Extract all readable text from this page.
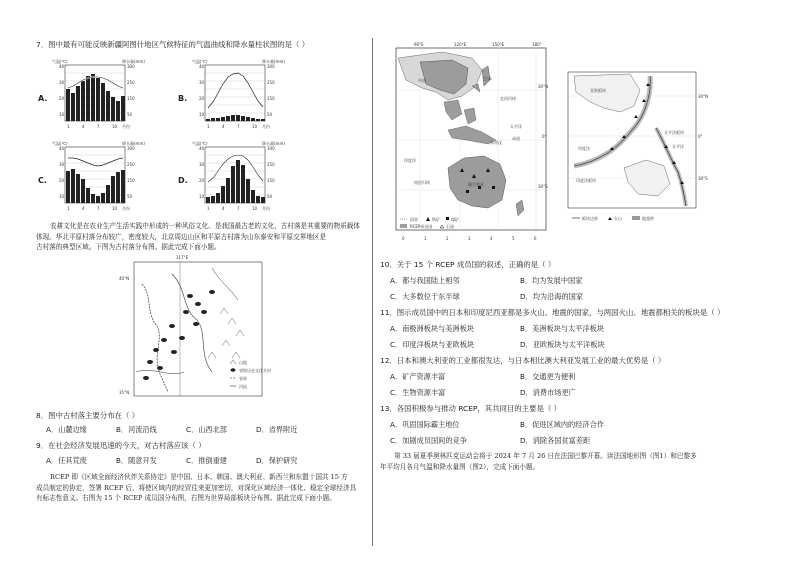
7．图中最有可能反映新疆阿图什地区气候特征的气温曲线和降水量柱状图的是（ ）
A.
气温(℃)	降水量(mm)
40
30
20
10
300
250
150
50
1	4	7	10 月份
B.
气温(℃)	降水量(mm)
40
30
20
10
300
250
150
50
1	4	7	10 月份
C.
气温(℃)	降水量(mm)
40
30
20
10
300
250
150
50
1	4	7	10 月份
D.
气温(℃)	降水量(mm)
40
30
20
10
300
250
150
50
1	4	7	10 月份
农耕文化是在农业生产生活实践中形成的一种风俗文化。是我国最古老的文化，古村落是其重要的物质载体
体现。华北平原村落分布较广，密度较大，北京周边山区和平原古村落为山东泰安和平原交界地区是
古村落的典型区域。下图为古村落分布图。据此完成下面小题。
117°E
40°N
35°N
山地
省级历史文化名村
省界
河流
8．图中古村落主要分布在（ ）
A．山麓边缘	B．河流沿线	C．山西北部	D．省界附近
9．在社会经济发展迅速的今天，对古村落应该（ ）
A．任其荒废	B．随意开发	C．推倒重建	D．保护研究
RCEP 即《区域全面经济伙伴关系协定》是中国、日本、韩国、澳大利亚、新西兰和东盟十国共 15 方
成员制定的协定，签署 RCEP 后，将使区域内的经贸往来更加密切，对深化区域经济一体化、稳定全球经济具
有标志性意义。右图为 15 个 RCEP 成员国分布图，右图为世界局部板块分布图。据此完成下面小题。
90°E	120°E	150°E	180°
30°N
0°
30°S
中国	日本
太平洋
印度洋
澳大利亚
东帝汶
南回归线
北回归线
赤道
国界	铁矿	煤矿
RCEP成员国	石油
0	1	2	3	4	5	6
30°N
0°
30°S
亚欧板块
印度洋板块
太平洋板块
太平洋
印度洋
板块边界	火山	地震带
10．关于 15 个 RCEP 成员国的叙述，正确的是（ ）
A．都与我国陆上相邻	B．均为发展中国家
C．大多数位于东半球	D．均为沿海的国家
11．图示成员国中的日本和印度尼西亚都是多火山、地震的国家，与两国火山、地震都相关的板块是（ ）
A．南极洲板块与美洲板块	B．美洲板块与太平洋板块
C．印度洋板块与亚欧板块	D．亚欧板块与太平洋板块
12．日本和澳大利亚的工业都很发达，与日本相比澳大利亚发展工业的最大优势是（ ）
A．矿产资源丰富	B．交通更为便利
C．生物资源丰富	D．消费市场更广
13．各国积极参与推动 RCEP，其共同目的主要是（ ）
A．巩固国际霸主地位	B．促进区域内的经济合作
C．加剧成员国间的竞争	D．消除各国贫富差距
第 33 届夏季奥林匹克运动会将于 2024 年 7 月 26 日在法国巴黎开幕。读法国地形图（图1）和巴黎多
年平均月各月气温和降水量图（图2），完成下面小题。
